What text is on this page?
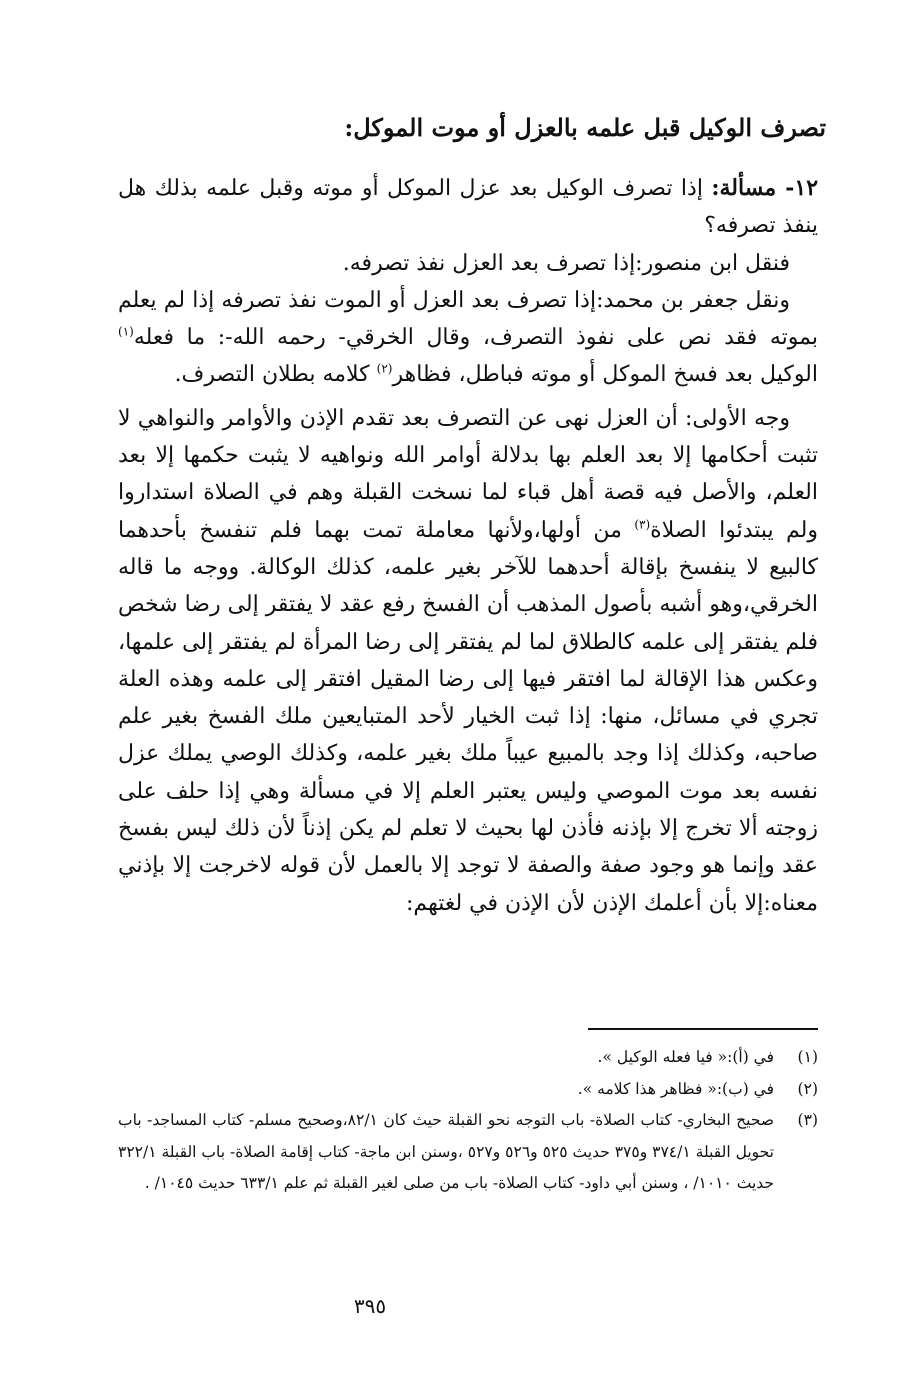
تصرف الوكيل قبل علمه بالعزل أو موت الموكل:

١٢- مسألة: إذا تصرف الوكيل بعد عزل الموكل أو موته وقبل علمه بذلك هل ينفذ تصرفه؟

فنقل ابن منصور:إذا تصرف بعد العزل نفذ تصرفه.

ونقل جعفر بن محمد:إذا تصرف بعد العزل أو الموت نفذ تصرفه إذا لم يعلم بموته فقد نص على نفوذ التصرف، وقال الخرقي- رحمه الله-: ما فعله$^{(١)}$ الوكيل بعد فسخ الموكل أو موته فباطل، فظاهر$^{(٢)}$ كلامه بطلان التصرف.

وجه الأولى: أن العزل نهى عن التصرف بعد تقدم الإذن والأوامر والنواهي لا تثبت أحكامها إلا بعد العلم بها بدلالة أوامر الله ونواهيه لا يثبت حكمها إلا بعد العلم، والأصل فيه قصة أهل قباء لما نسخت القبلة وهم في الصلاة استداروا ولم يبتدئوا الصلاة$^{(٣)}$ من أولها،ولأنها معاملة تمت بهما فلم تنفسخ بأحدهما كالبيع لا ينفسخ بإقالة أحدهما للآخر بغير علمه، كذلك الوكالة. ووجه ما قاله الخرقي،وهو أشبه بأصول المذهب أن الفسخ رفع عقد لا يفتقر إلى رضا شخص فلم يفتقر إلى علمه كالطلاق لما لم يفتقر إلى رضا المرأة لم يفتقر إلى علمها، وعكس هذا الإقالة لما افتقر فيها إلى رضا المقيل افتقر إلى علمه وهذه العلة تجري في مسائل، منها: إذا ثبت الخيار لأحد المتبايعين ملك الفسخ بغير علم صاحبه، وكذلك إذا وجد بالمبيع عيباً ملك بغير علمه، وكذلك الوصي يملك عزل نفسه بعد موت الموصي وليس يعتبر العلم إلا في مسألة وهي إذا حلف على زوجته ألا تخرج إلا بإذنه فأذن لها بحيث لا تعلم لم يكن إذناً لأن ذلك ليس بفسخ عقد وإنما هو وجود صفة والصفة لا توجد إلا بالعمل لأن قوله لاخرجت إلا بإذني معناه:إلا بأن أعلمك الإذن لأن الإذن في لغتهم:

(١)
في (أ):« فيا فعله الوكيل ».
(٢)
في (ب):« فظاهر هذا كلامه ».
(٣)
صحيح البخاري- كتاب الصلاة- باب التوجه نحو القبلة حيث كان ٨٢/١،وصحيح مسلم- كتاب المساجد- باب تحويل القبلة ٣٧٤/١ و٣٧٥ حديث ٥٢٥ و٥٢٦ و٥٢٧ ،وسنن ابن ماجة- كتاب إقامة الصلاة- باب القبلة ٣٢٢/١ حديث ١٠١٠/ ، وسنن أبي داود- كتاب الصلاة- باب من صلى لغير القبلة ثم علم ٦٣٣/١ حديث ١٠٤٥/ .
٣٩٥
